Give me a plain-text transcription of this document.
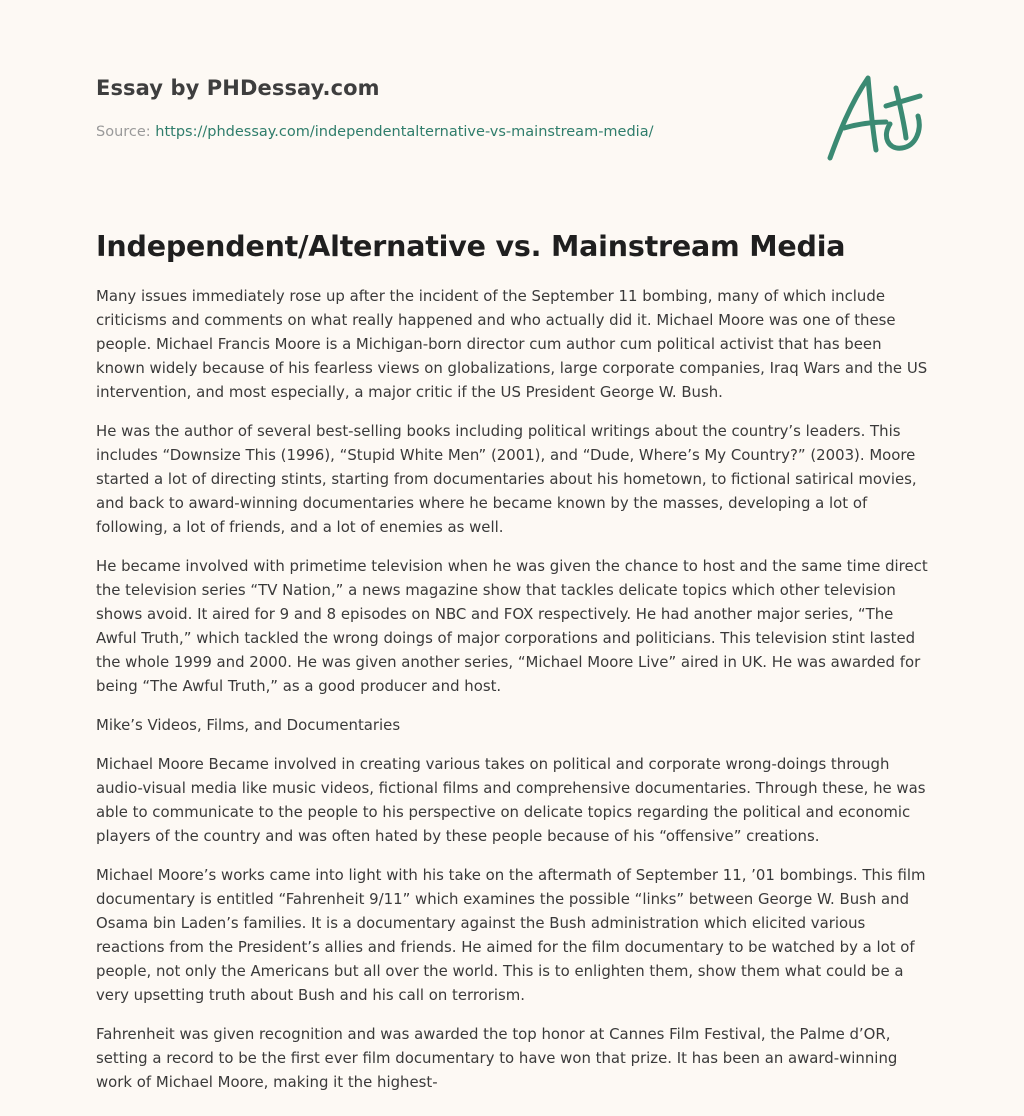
Essay by PHDessay.com
Source: https://phdessay.com/independentalternative-vs-mainstream-media/
Independent/Alternative vs. Mainstream Media

Many issues immediately rose up after the incident of the September 11 bombing, many of which include criticisms and comments on what really happened and who actually did it. Michael Moore was one of these people. Michael Francis Moore is a Michigan-born director cum author cum political activist that has been known widely because of his fearless views on globalizations, large corporate companies, Iraq Wars and the US intervention, and most especially, a major critic if the US President George W. Bush.

He was the author of several best-selling books including political writings about the country’s leaders. This includes “Downsize This (1996), “Stupid White Men” (2001), and “Dude, Where’s My Country?” (2003). Moore started a lot of directing stints, starting from documentaries about his hometown, to fictional satirical movies, and back to award-winning documentaries where he became known by the masses, developing a lot of following, a lot of friends, and a lot of enemies as well.

He became involved with primetime television when he was given the chance to host and the same time direct the television series “TV Nation,” a news magazine show that tackles delicate topics which other television shows avoid. It aired for 9 and 8 episodes on NBC and FOX respectively. He had another major series, “The Awful Truth,” which tackled the wrong doings of major corporations and politicians. This television stint lasted the whole 1999 and 2000. He was given another series, “Michael Moore Live” aired in UK. He was awarded for being “The Awful Truth,” as a good producer and host.

Mike’s Videos, Films, and Documentaries

Michael Moore Became involved in creating various takes on political and corporate wrong-doings through audio-visual media like music videos, fictional films and comprehensive documentaries. Through these, he was able to communicate to the people to his perspective on delicate topics regarding the political and economic players of the country and was often hated by these people because of his “offensive” creations.

Michael Moore’s works came into light with his take on the aftermath of September 11, ’01 bombings. This film documentary is entitled “Fahrenheit 9/11” which examines the possible “links” between George W. Bush and Osama bin Laden’s families. It is a documentary against the Bush administration which elicited various reactions from the President’s allies and friends. He aimed for the film documentary to be watched by a lot of people, not only the Americans but all over the world. This is to enlighten them, show them what could be a very upsetting truth about Bush and his call on terrorism.

Fahrenheit was given recognition and was awarded the top honor at Cannes Film Festival, the Palme d’OR, setting a record to be the first ever film documentary to have won that prize. It has been an award-winning work of Michael Moore, making it the highest-
